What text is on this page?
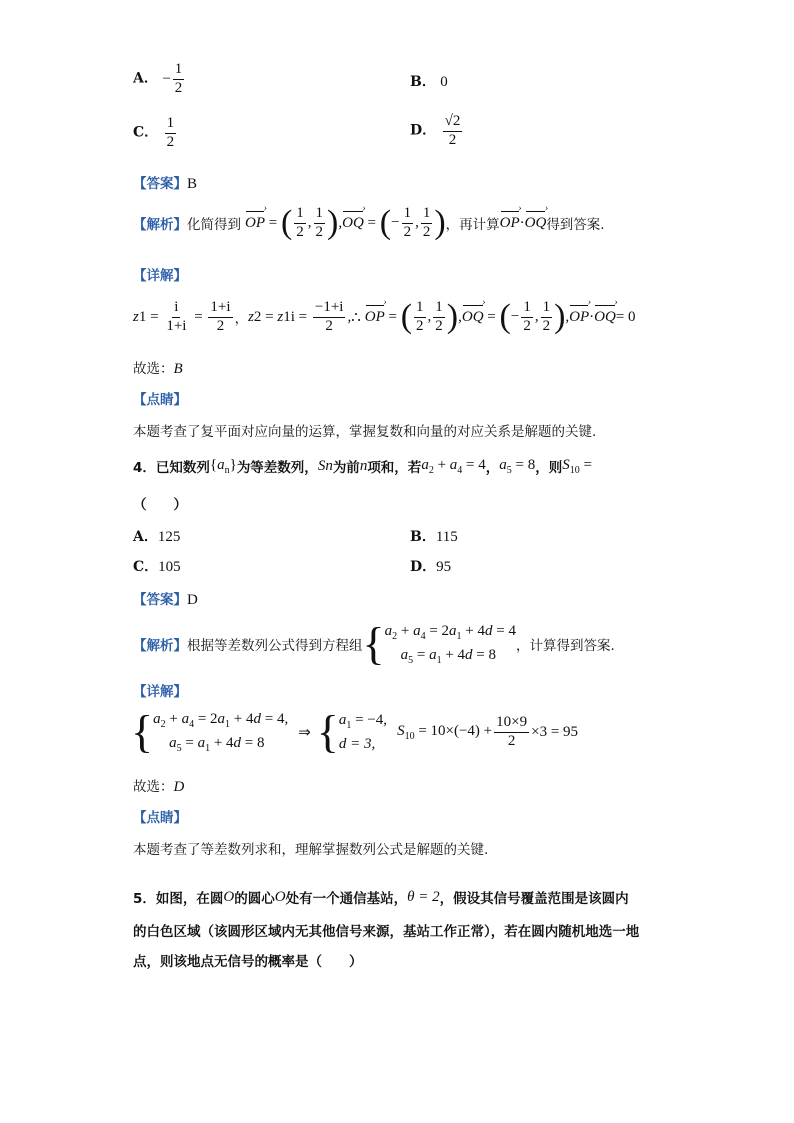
A． − $\frac{1}{2}$	B． 0
C． $\frac{1}{2}$	D． $\frac{√2}{2}$
【答案】B
【解析】 化简得到 OP › = ( $\frac{1}{2}$ , $\frac{1}{2}$ ) , OQ › = ( − $\frac{1}{2}$ , $\frac{1}{2}$ ) ，再计算 OP › · OQ › 得到答案.
【详解】
z $1 = \frac{i}{1+i} = \frac{1+i}{2}$ ， z 2 = z 1 $i = \frac{-1+i}{2}$ , ∴ OP › = ( $\frac{1}{2}$ , $\frac{1}{2}$ ) , OQ › = ( − $\frac{1}{2}$ , $\frac{1}{2}$ ) , OP › · OQ › = 0
故选：B
【点睛】
本题考查了复平面对应向量的运算，掌握复数和向量的对应关系是解题的关键.
4．已知数列 $\{a_n\}$ 为等差数列， S n 为前 n 项和，若 $a_2 + a_4 = 4$ ， $a_5 = 8$ ，则 $S_{10}$ =
（　　）
A．125	B．115
C．105	D．95
【答案】D
【解析】 根据等差数列公式得到方程组 { $a_2 + a_4 = 2a_1 + 4d = 4$
$a_5 = a_1 + 4d = 8$
，计算得到答案.
【详解】
{ $a_2 + a_4 = 2a_1 + 4d = 4$,
$a_5 = a_1 + 4d = 8$
⇒ { $a_1 = -4$,
d = 3,
$S_{10} = 10\times(-4) + \frac{10\times 9}{2} \times 3 = 95$
故选：D
【点睛】
本题考查了等差数列求和，理解掌握数列公式是解题的关键.
5．如图，在圆 O 的圆心 O 处有一个通信基站， θ = 2 ，假设其信号覆盖范围是该圆内
的白色区域（该圆形区域内无其他信号来源，基站工作正常），若在圆内随机地选一地
点，则该地点无信号的概率是（　　）
